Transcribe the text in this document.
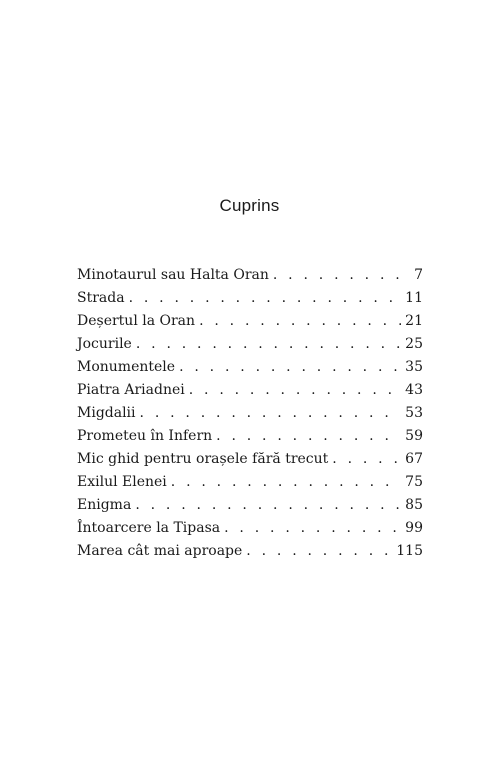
Cuprins
Minotaurul sau Halta Oran . . .	7
Strada . . .	11
Deșertul la Oran . . .	21
Jocurile . . .	25
Monumentele . . .	35
Piatra Ariadnei . . .	43
Migdalii . . .	53
Prometeu în Infern . . .	59
Mic ghid pentru orașele fără trecut . . .	67
Exilul Elenei . . .	75
Enigma . . .	85
Întoarcere la Tipasa . . .	99
Marea cât mai aproape . . .	115
